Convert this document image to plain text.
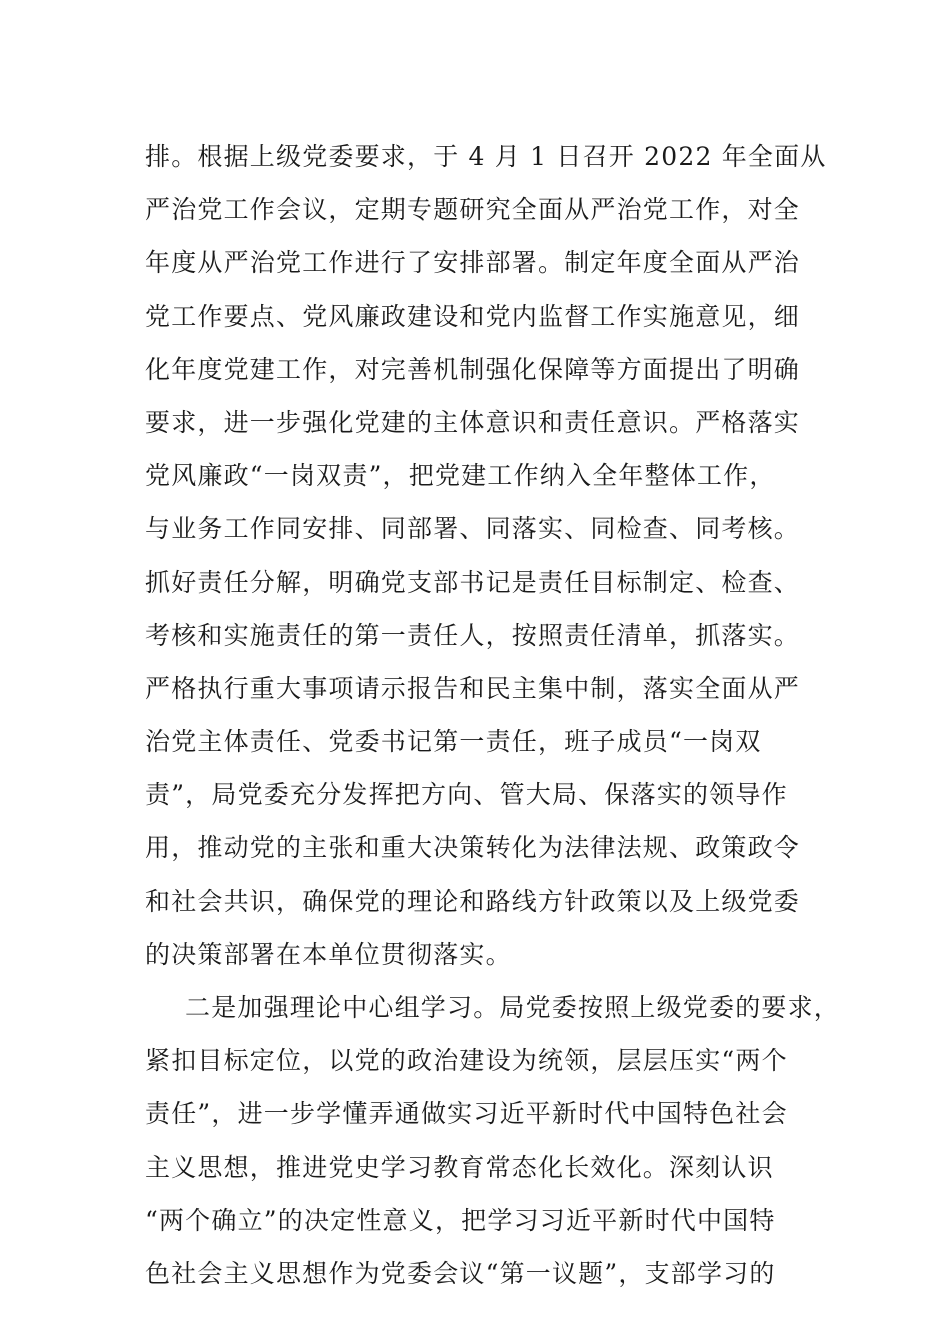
排。根据上级党委要求，于 4 月 1 日召开 2022 年全面从
严治党工作会议，定期专题研究全面从严治党工作，对全
年度从严治党工作进行了安排部署。制定年度全面从严治
党工作要点、党风廉政建设和党内监督工作实施意见，细
化年度党建工作，对完善机制强化保障等方面提出了明确
要求，进一步强化党建的主体意识和责任意识。严格落实
党风廉政“一岗双责”，把党建工作纳入全年整体工作，
与业务工作同安排、同部署、同落实、同检查、同考核。
抓好责任分解，明确党支部书记是责任目标制定、检查、
考核和实施责任的第一责任人，按照责任清单，抓落实。
严格执行重大事项请示报告和民主集中制，落实全面从严
治党主体责任、党委书记第一责任，班子成员“一岗双
责”，局党委充分发挥把方向、管大局、保落实的领导作
用，推动党的主张和重大决策转化为法律法规、政策政令
和社会共识，确保党的理论和路线方针政策以及上级党委
的决策部署在本单位贯彻落实。
二是加强理论中心组学习。局党委按照上级党委的要求，
紧扣目标定位，以党的政治建设为统领，层层压实“两个
责任”，进一步学懂弄通做实习近平新时代中国特色社会
主义思想，推进党史学习教育常态化长效化。深刻认识
“两个确立”的决定性意义，把学习习近平新时代中国特
色社会主义思想作为党委会议“第一议题”，支部学习的
